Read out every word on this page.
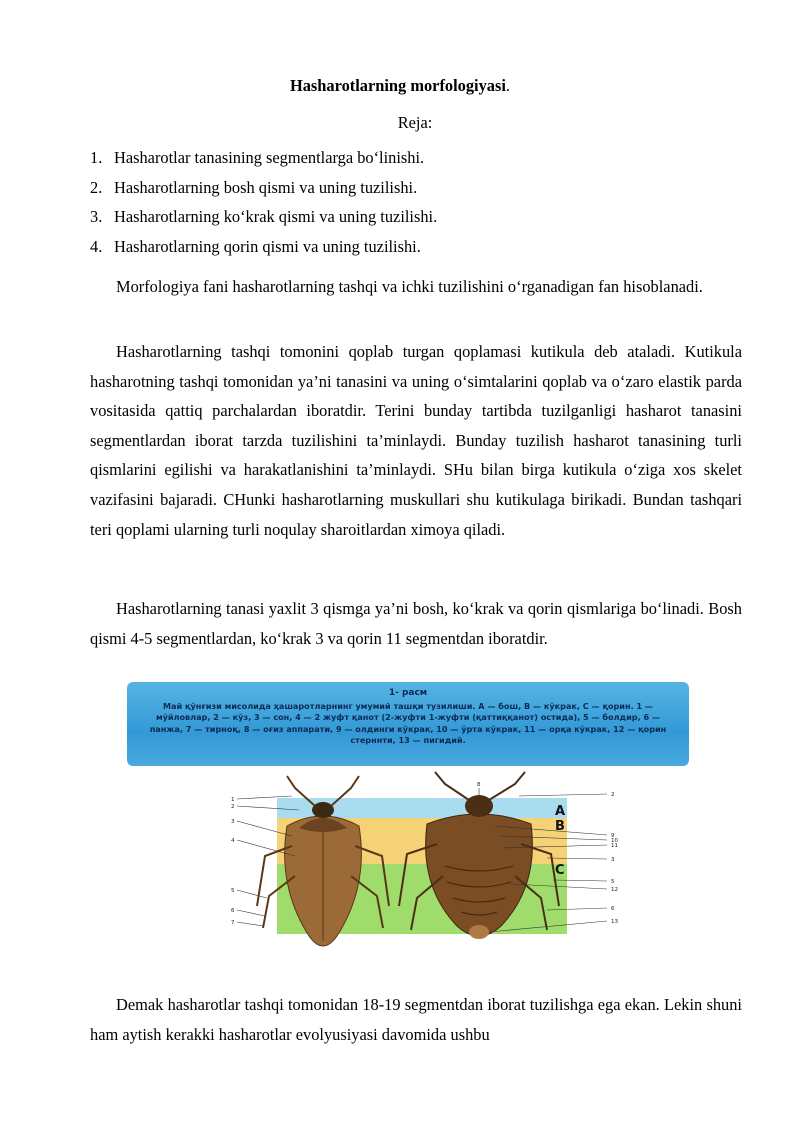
Hasharotlarning morfologiyasi.
Reja:
1. Hasharotlar tanasining segmentlarga bo‘linishi.
2. Hasharotlarning bosh qismi va uning tuzilishi.
3. Hasharotlarning ko‘krak qismi va uning tuzilishi.
4. Hasharotlarning qorin qismi va uning tuzilishi.

Morfologiya fani hasharotlarning tashqi va ichki tuzilishini o‘rganadigan fan hisoblanadi.

Hasharotlarning tashqi tomonini qoplab turgan qoplamasi kutikula deb ataladi. Kutikula hasharotning tashqi tomonidan ya’ni tanasini va uning o‘simtalarini qoplab va o‘zaro elastik parda vositasida qattiq parchalardan iboratdir. Terini bunday tartibda tuzilganligi hasharot tanasini segmentlardan iborat tarzda tuzilishini ta’minlaydi. Bunday tuzilish hasharot tanasining turli qismlarini egilishi va harakatlanishini ta’minlaydi. SHu bilan birga kutikula o‘ziga xos skelet vazifasini bajaradi. CHunki hasharotlarning muskullari shu kutikulaga birikadi. Bundan tashqari teri qoplami ularning turli noqulay sharoitlardan ximoya qiladi.

Hasharotlarning tanasi yaxlit 3 qismga ya’ni bosh, ko‘krak va qorin qismlariga bo‘linadi. Bosh qismi 4-5 segmentlardan, ko‘krak 3 va qorin 11 segmentdan iboratdir.

1- расм
Май қўнғизи мисолида ҳашаротларнинг умумий ташқи тузилиши. А — бош, В — кўкрак, С — қорин. 1 — мўйловлар, 2 — кўз, 3 — сон, 4 — 2 жуфт қанот (2-жуфти 1-жуфти (қаттиққанот) остида), 5 — болдир, 6 — панжа, 7 — тирноқ, 8 — оғиз аппарати, 9 — олдинги кўкрак, 10 — ўрта кўкрак, 11 — орқа кўкрак, 12 — қорин стерннти, 13 — пигидий.
1
2
3
4
5
6
7
8
2
9
10
11
3
5
12
6
13
A
B
C

Demak hasharotlar tashqi tomonidan 18-19 segmentdan iborat tuzilishga ega ekan. Lekin shuni ham aytish kerakki hasharotlar evolyusiyasi davomida ushbu
